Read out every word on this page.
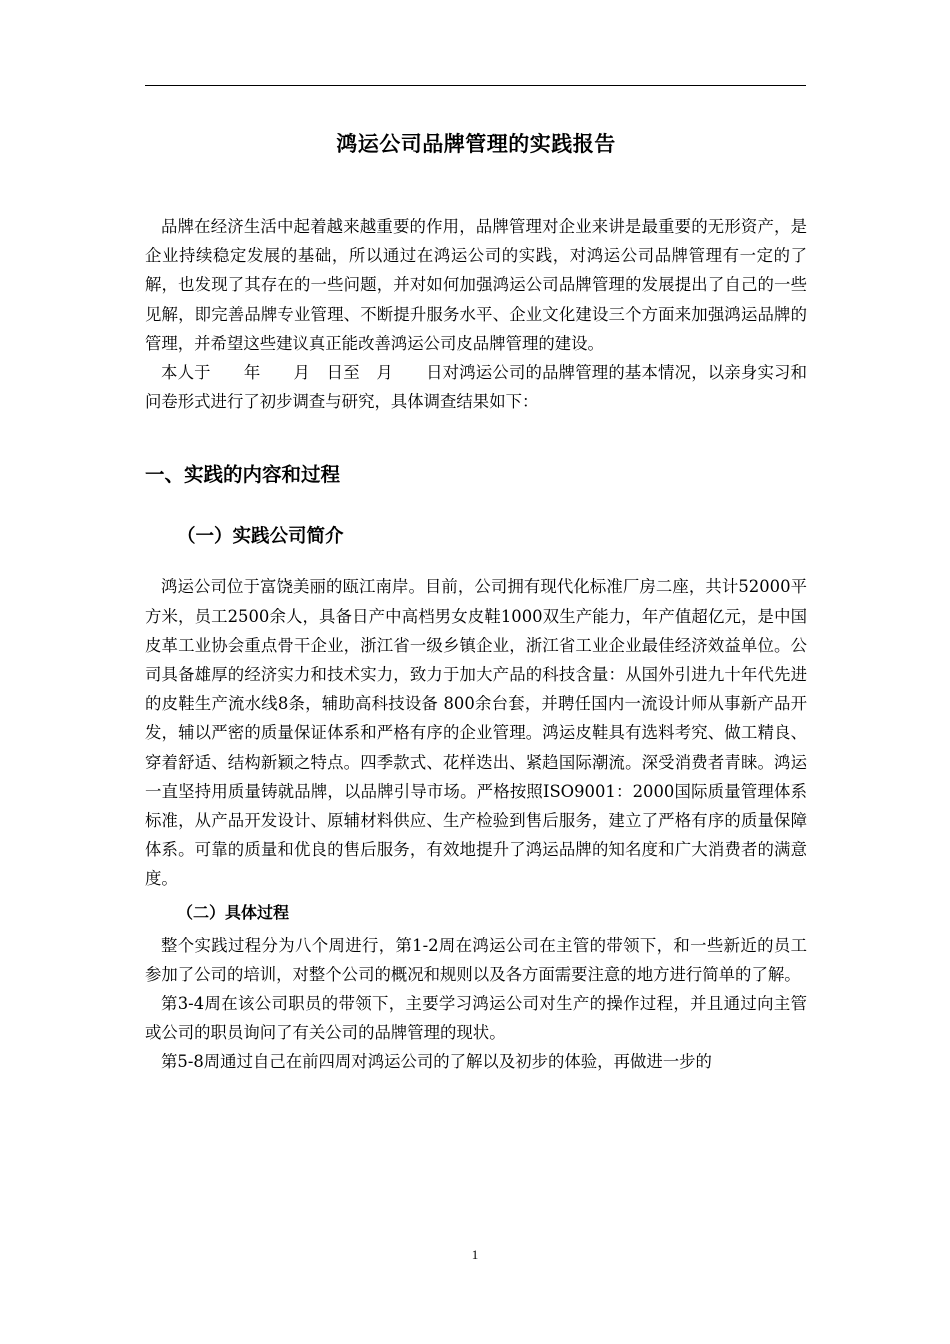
鸿运公司品牌管理的实践报告

品牌在经济生活中起着越来越重要的作用，品牌管理对企业来讲是最重要的无形资产，是企业持续稳定发展的基础，所以通过在鸿运公司的实践，对鸿运公司品牌管理有一定的了解，也发现了其存在的一些问题，并对如何加强鸿运公司品牌管理的发展提出了自己的一些见解，即完善品牌专业管理、不断提升服务水平、企业文化建设三个方面来加强鸿运品牌的管理，并希望这些建议真正能改善鸿运公司皮品牌管理的建设。

本人于　　年　　月　日至　月　　日对鸿运公司的品牌管理的基本情况，以亲身实习和问卷形式进行了初步调查与研究，具体调查结果如下：

一、实践的内容和过程
（一）实践公司简介

鸿运公司位于富饶美丽的瓯江南岸。目前，公司拥有现代化标准厂房二座，共计52000平方米，员工2500余人，具备日产中高档男女皮鞋1000双生产能力，年产值超亿元，是中国皮革工业协会重点骨干企业，浙江省一级乡镇企业，浙江省工业企业最佳经济效益单位。公司具备雄厚的经济实力和技术实力，致力于加大产品的科技含量：从国外引进九十年代先进的皮鞋生产流水线8条，辅助高科技设备 800余台套，并聘任国内一流设计师从事新产品开发，辅以严密的质量保证体系和严格有序的企业管理。鸿运皮鞋具有选料考究、做工精良、穿着舒适、结构新颖之特点。四季款式、花样迭出、紧趋国际潮流。深受消费者青睐。鸿运一直坚持用质量铸就品牌，以品牌引导市场。严格按照ISO9001：2000国际质量管理体系标准，从产品开发设计、原辅材料供应、生产检验到售后服务，建立了严格有序的质量保障体系。可靠的质量和优良的售后服务，有效地提升了鸿运品牌的知名度和广大消费者的满意度。

（二）具体过程

整个实践过程分为八个周进行，第1-2周在鸿运公司在主管的带领下，和一些新近的员工参加了公司的培训，对整个公司的概况和规则以及各方面需要注意的地方进行简单的了解。

第3-4周在该公司职员的带领下，主要学习鸿运公司对生产的操作过程，并且通过向主管或公司的职员询问了有关公司的品牌管理的现状。

第5-8周通过自己在前四周对鸿运公司的了解以及初步的体验，再做进一步的

1
